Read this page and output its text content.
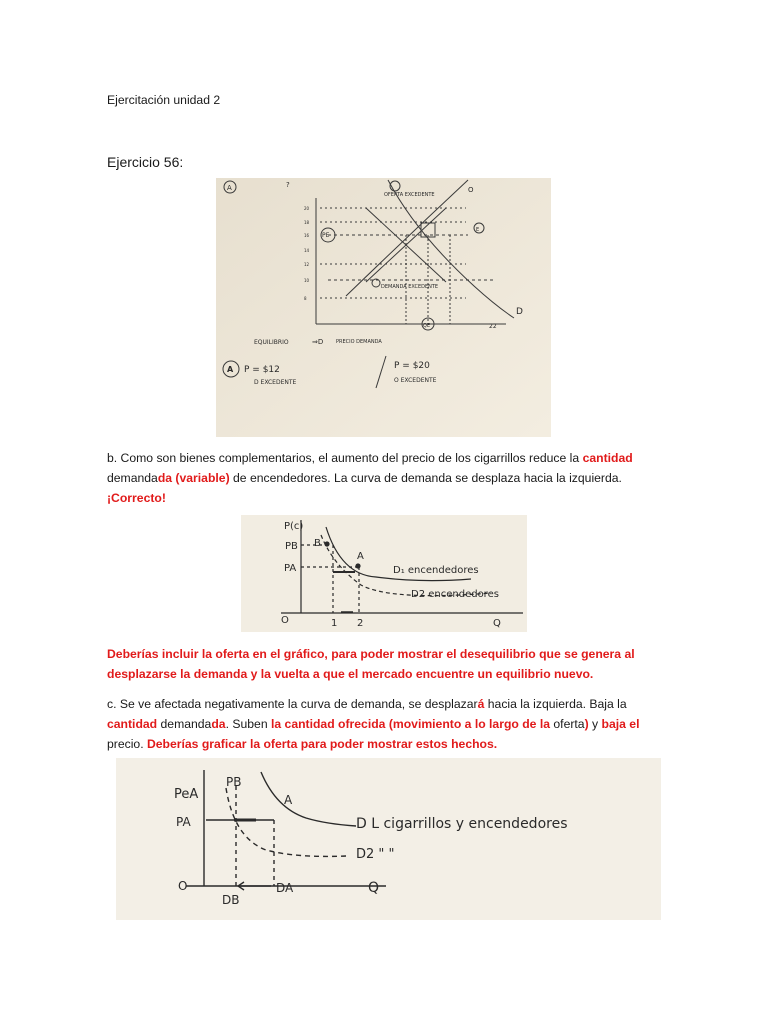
Ejercitación unidad 2
Ejercicio 56:
A	?
OFERTA EXCEDENTE
O
PE
E
DEMANDA EXCEDENTE
D
QE
20
18
16
14
12
10
8
22
EQUILIBRIO	⇒D	PRECIO DEMANDA
A P = $12
D EXCEDENTE
P = $20
O EXCEDENTE

b. Como son bienes complementarios, el aumento del precio de los cigarrillos reduce la cantidad demandada (variable) de encendedores. La curva de demanda se desplaza hacia la izquierda. ¡Correcto!

P(c)
PB B
PA
A
D₁ encendedores
D2 encendedores
O	1 2	Q

Deberías incluir la oferta en el gráfico, para poder mostrar el desequilibrio que se genera al desplazarse la demanda y la vuelta a que el mercado encuentre un equilibrio nuevo.

c. Se ve afectada negativamente la curva de demanda, se desplazará hacia la izquierda. Baja la cantidad demandada. Suben la cantidad ofrecida (movimiento a lo largo de la oferta) y baja el precio. Deberías graficar la oferta para poder mostrar estos hechos.

PeA
PB
PA
A
D L cigarrillos y encendedores
D2 " "
O
DB
DA	Q
